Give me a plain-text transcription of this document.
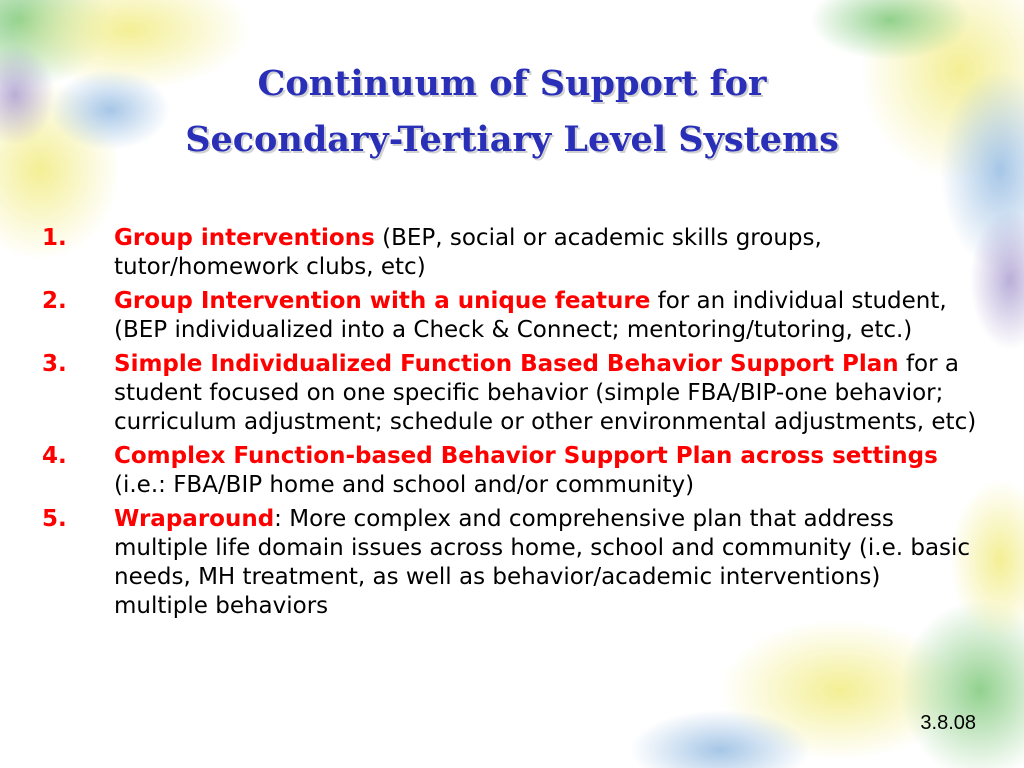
Continuum of Support for
Secondary-Tertiary Level Systems
1. Group interventions (BEP, social or academic skills groups, tutor/homework clubs, etc)
2. Group Intervention with a unique feature for an individual student, (BEP individualized into a Check & Connect; mentoring/tutoring, etc.)
3. Simple Individualized Function Based Behavior Support Plan for a student focused on one specific behavior (simple FBA/BIP-one behavior; curriculum adjustment; schedule or other environmental adjustments, etc)
4. Complex Function-based Behavior Support Plan across settings (i.e.: FBA/BIP home and school and/or community)
5. Wraparound: More complex and comprehensive plan that address multiple life domain issues across home, school and community (i.e. basic needs, MH treatment, as well as behavior/academic interventions) multiple behaviors
3.8.08
